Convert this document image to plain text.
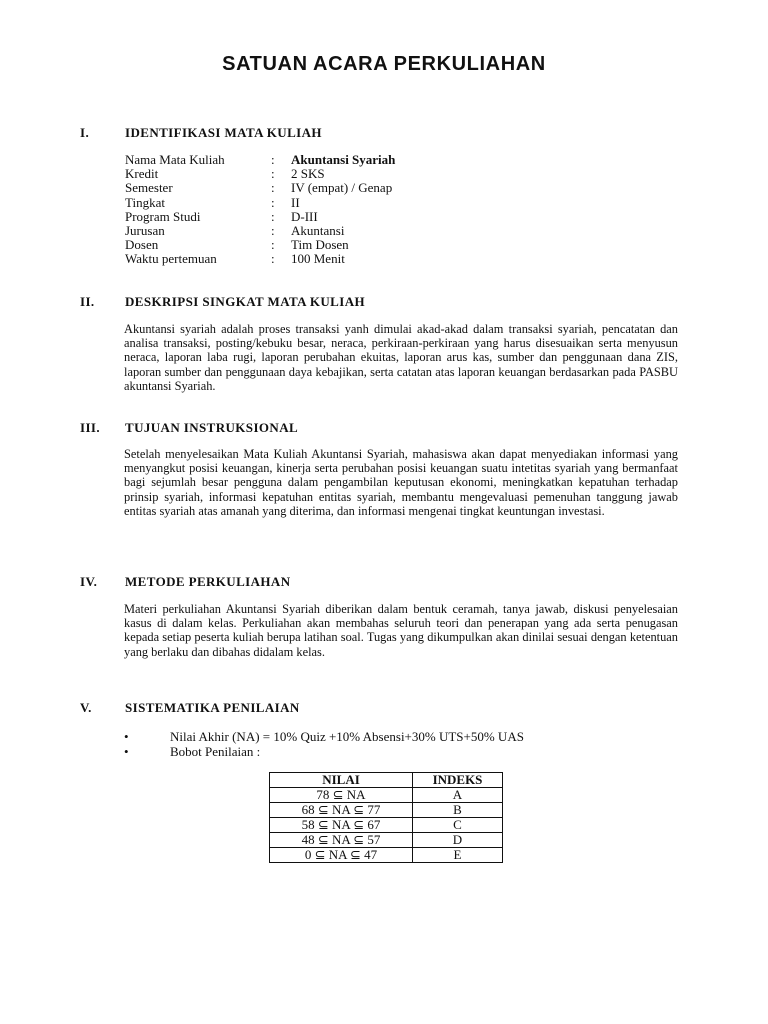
SATUAN ACARA PERKULIAHAN
I.	IDENTIFIKASI MATA KULIAH
Nama Mata Kuliah	: Akuntansi Syariah
Kredit	: 2 SKS
Semester	: IV (empat) / Genap
Tingkat	: II
Program Studi	: D-III
Jurusan	: Akuntansi
Dosen	: Tim Dosen
Waktu pertemuan	: 100 Menit
II. DESKRIPSI SINGKAT MATA KULIAH
Akuntansi syariah adalah proses transaksi yanh dimulai akad-akad dalam transaksi syariah, pencatatan dan analisa transaksi, posting/kebuku besar, neraca, perkiraan-perkiraan yang harus disesuaikan serta menyusun neraca, laporan laba rugi, laporan perubahan ekuitas, laporan arus kas, sumber dan penggunaan dana ZIS, laporan sumber dan penggunaan daya kebajikan, serta catatan atas laporan keuangan berdasarkan pada PASBU akuntansi Syariah.
III. TUJUAN INSTRUKSIONAL
Setelah menyelesaikan Mata Kuliah Akuntansi Syariah, mahasiswa akan dapat menyediakan informasi yang menyangkut posisi keuangan, kinerja serta perubahan posisi keuangan suatu intetitas syariah yang bermanfaat bagi sejumlah besar pengguna dalam pengambilan keputusan ekonomi, meningkatkan kepatuhan terhadap prinsip syariah, informasi kepatuhan entitas syariah, membantu mengevaluasi pemenuhan tanggung jawab entitas syariah atas amanah yang diterima, dan informasi mengenai tingkat keuntungan investasi.
IV. METODE PERKULIAHAN
Materi perkuliahan Akuntansi Syariah diberikan dalam bentuk ceramah, tanya jawab, diskusi penyelesaian kasus di dalam kelas. Perkuliahan akan membahas seluruh teori dan penerapan yang ada serta penugasan kepada setiap peserta kuliah berupa latihan soal. Tugas yang dikumpulkan akan dinilai sesuai dengan ketentuan yang berlaku dan dibahas didalam kelas.
V.	SISTEMATIKA PENILAIAN
•	Nilai Akhir (NA) = 10% Quiz +10% Absensi+30% UTS+50% UAS
•	Bobot Penilaian :
NILAI	INDEKS
78 ⊆ NA	A
68 ⊆ NA ⊆ 77	B
58 ⊆ NA ⊆ 67	C
48 ⊆ NA ⊆ 57	D
0 ⊆ NA ⊆ 47	E
